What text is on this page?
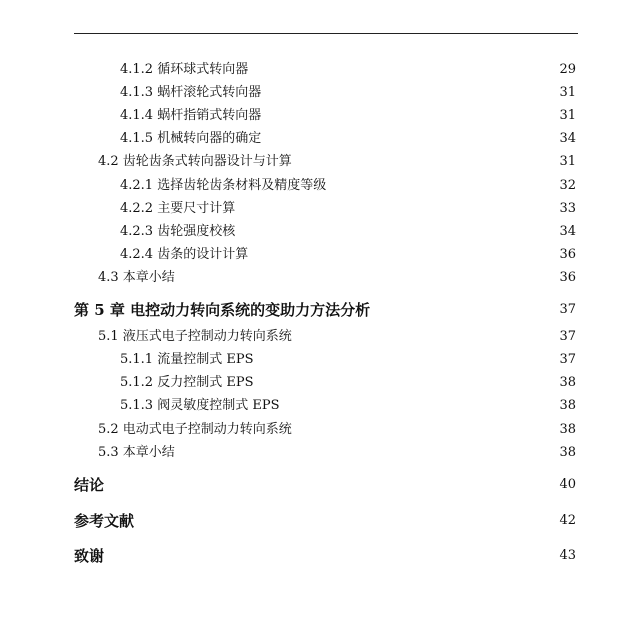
4.1.2 循环球式转向器	29
4.1.3 蜗杆滚轮式转向器	31
4.1.4 蜗杆指销式转向器	31
4.1.5 机械转向器的确定	34
4.2 齿轮齿条式转向器设计与计算	31
4.2.1 选择齿轮齿条材料及精度等级	32
4.2.2 主要尺寸计算	33
4.2.3 齿轮强度校核	34
4.2.4 齿条的设计计算	36
4.3 本章小结	36
第 5 章 电控动力转向系统的变助力方法分析	37
5.1 液压式电子控制动力转向系统	37
5.1.1 流量控制式 EPS	37
5.1.2 反力控制式 EPS	38
5.1.3 阀灵敏度控制式 EPS	38
5.2 电动式电子控制动力转向系统	38
5.3 本章小结	38
结论	40
参考文献	42
致谢	43
